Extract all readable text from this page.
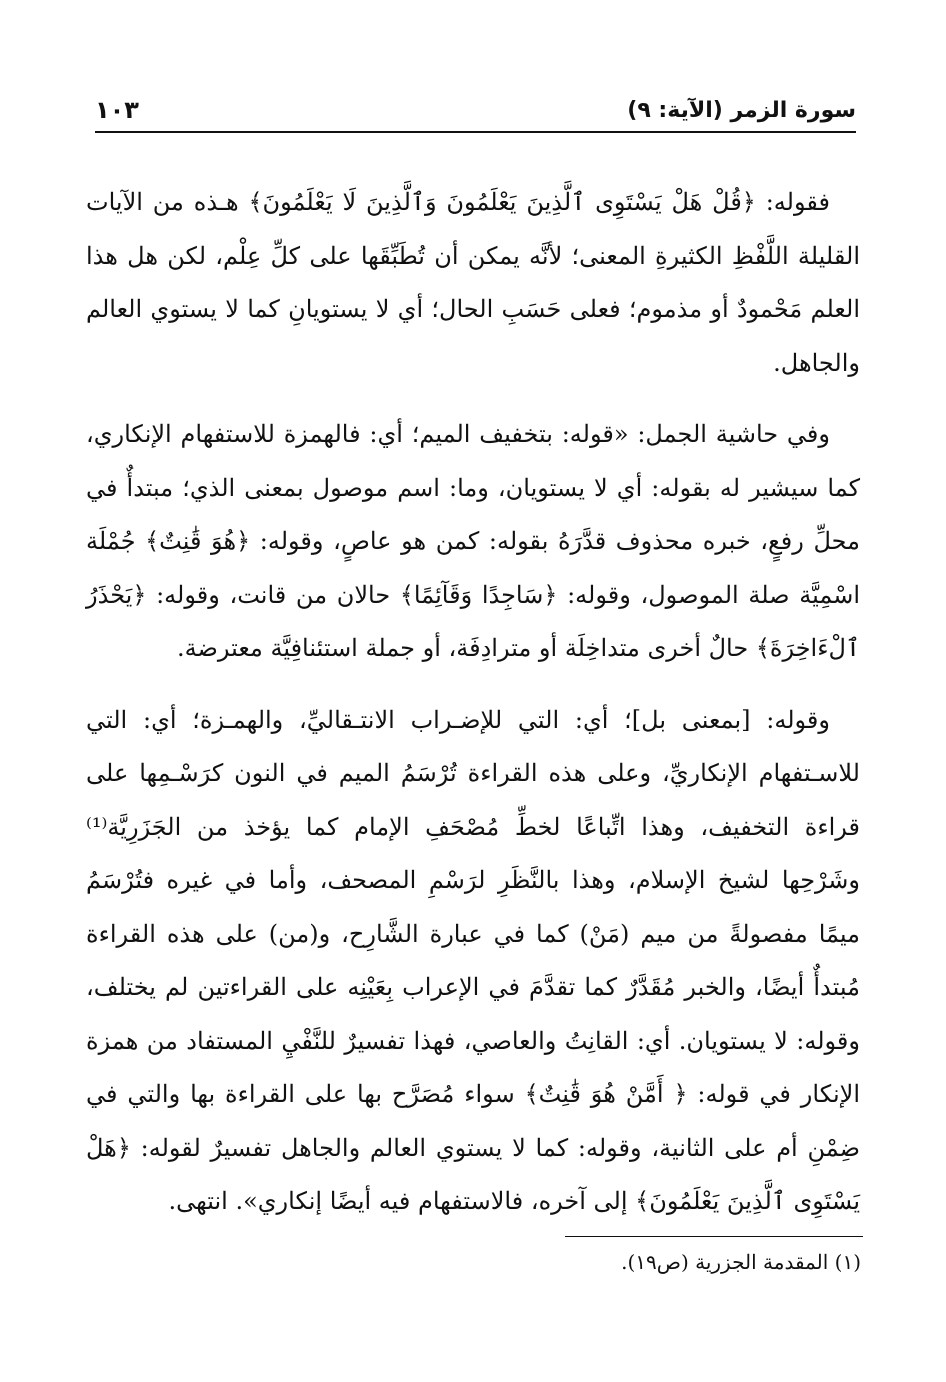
سورة الزمر (الآية: ٩)
١٠٣

فقوله: ﴿قُلْ هَلْ يَسْتَوِى ٱلَّذِينَ يَعْلَمُونَ وَٱلَّذِينَ لَا يَعْلَمُونَ﴾ هـذه من الآيات القليلة اللَّفْظِ الكثيرةِ المعنى؛ لأنَّه يمكن أن تُطَبِّقَها على كلِّ عِلْم، لكن هل هذا العلم مَحْمودٌ أو مذموم؛ فعلى حَسَبِ الحال؛ أي لا يستويانِ كما لا يستوي العالم والجاهل.

وفي حاشية الجمل: «قوله: بتخفيف الميم؛ أي: فالهمزة للاستفهام الإنكاري، كما سيشير له بقوله: أي لا يستويان، وما: اسم موصول بمعنى الذي؛ مبتدأٌ في محلِّ رفعٍ، خبره محذوف قدَّرَهُ بقوله: كمن هو عاصٍ، وقوله: ﴿هُوَ قَٰنِتٌ﴾ جُمْلَة اسْمِيَّة صلة الموصول، وقوله: ﴿سَاجِدًا وَقَآئِمًا﴾ حالان من قانت، وقوله: ﴿يَحْذَرُ ٱلْءَاخِرَةَ﴾ حالٌ أخرى متداخِلَة أو مترادِفَة، أو جملة استئنافِيَّة معترضة.

وقوله: [بمعنى بل]؛ أي: التي للإضـراب الانتـقاليِّ، والهمـزة؛ أي: التي للاسـتفهام الإنكاريِّ، وعلى هذه القراءة تُرْسَمُ الميم في النون كرَسْـمِها على قراءة التخفيف، وهذا اتِّباعًا لخطِّ مُصْحَفِ الإمام كما يؤخذ من الجَزَرِيَّة⁽¹⁾ وشَرْحِها لشيخ الإسلام، وهذا بالنَّظَرِ لرَسْمِ المصحف، وأما في غيره فتُرْسَمُ ميمًا مفصولةً من ميم (مَنْ) كما في عبارة الشَّارِح، و(من) على هذه القراءة مُبتدأٌ أيضًا، والخبر مُقَدَّرٌ كما تقدَّمَ في الإعراب بِعَيْنِه على القراءتين لم يختلف، وقوله: لا يستويان. أي: القانِتُ والعاصي، فهذا تفسيرٌ للنَّفْيِ المستفاد من همزة الإنكار في قوله: ﴿ أَمَّنْ هُوَ قَٰنِتٌ﴾ سواء مُصَرَّح بها على القراءة بها والتي في ضِمْنِ أم على الثانية، وقوله: كما لا يستوي العالم والجاهل تفسيرٌ لقوله: ﴿هَلْ يَسْتَوِى ٱلَّذِينَ يَعْلَمُونَ﴾ إلى آخره، فالاستفهام فيه أيضًا إنكاري». انتهى.

(١) المقدمة الجزرية (ص١٩).
